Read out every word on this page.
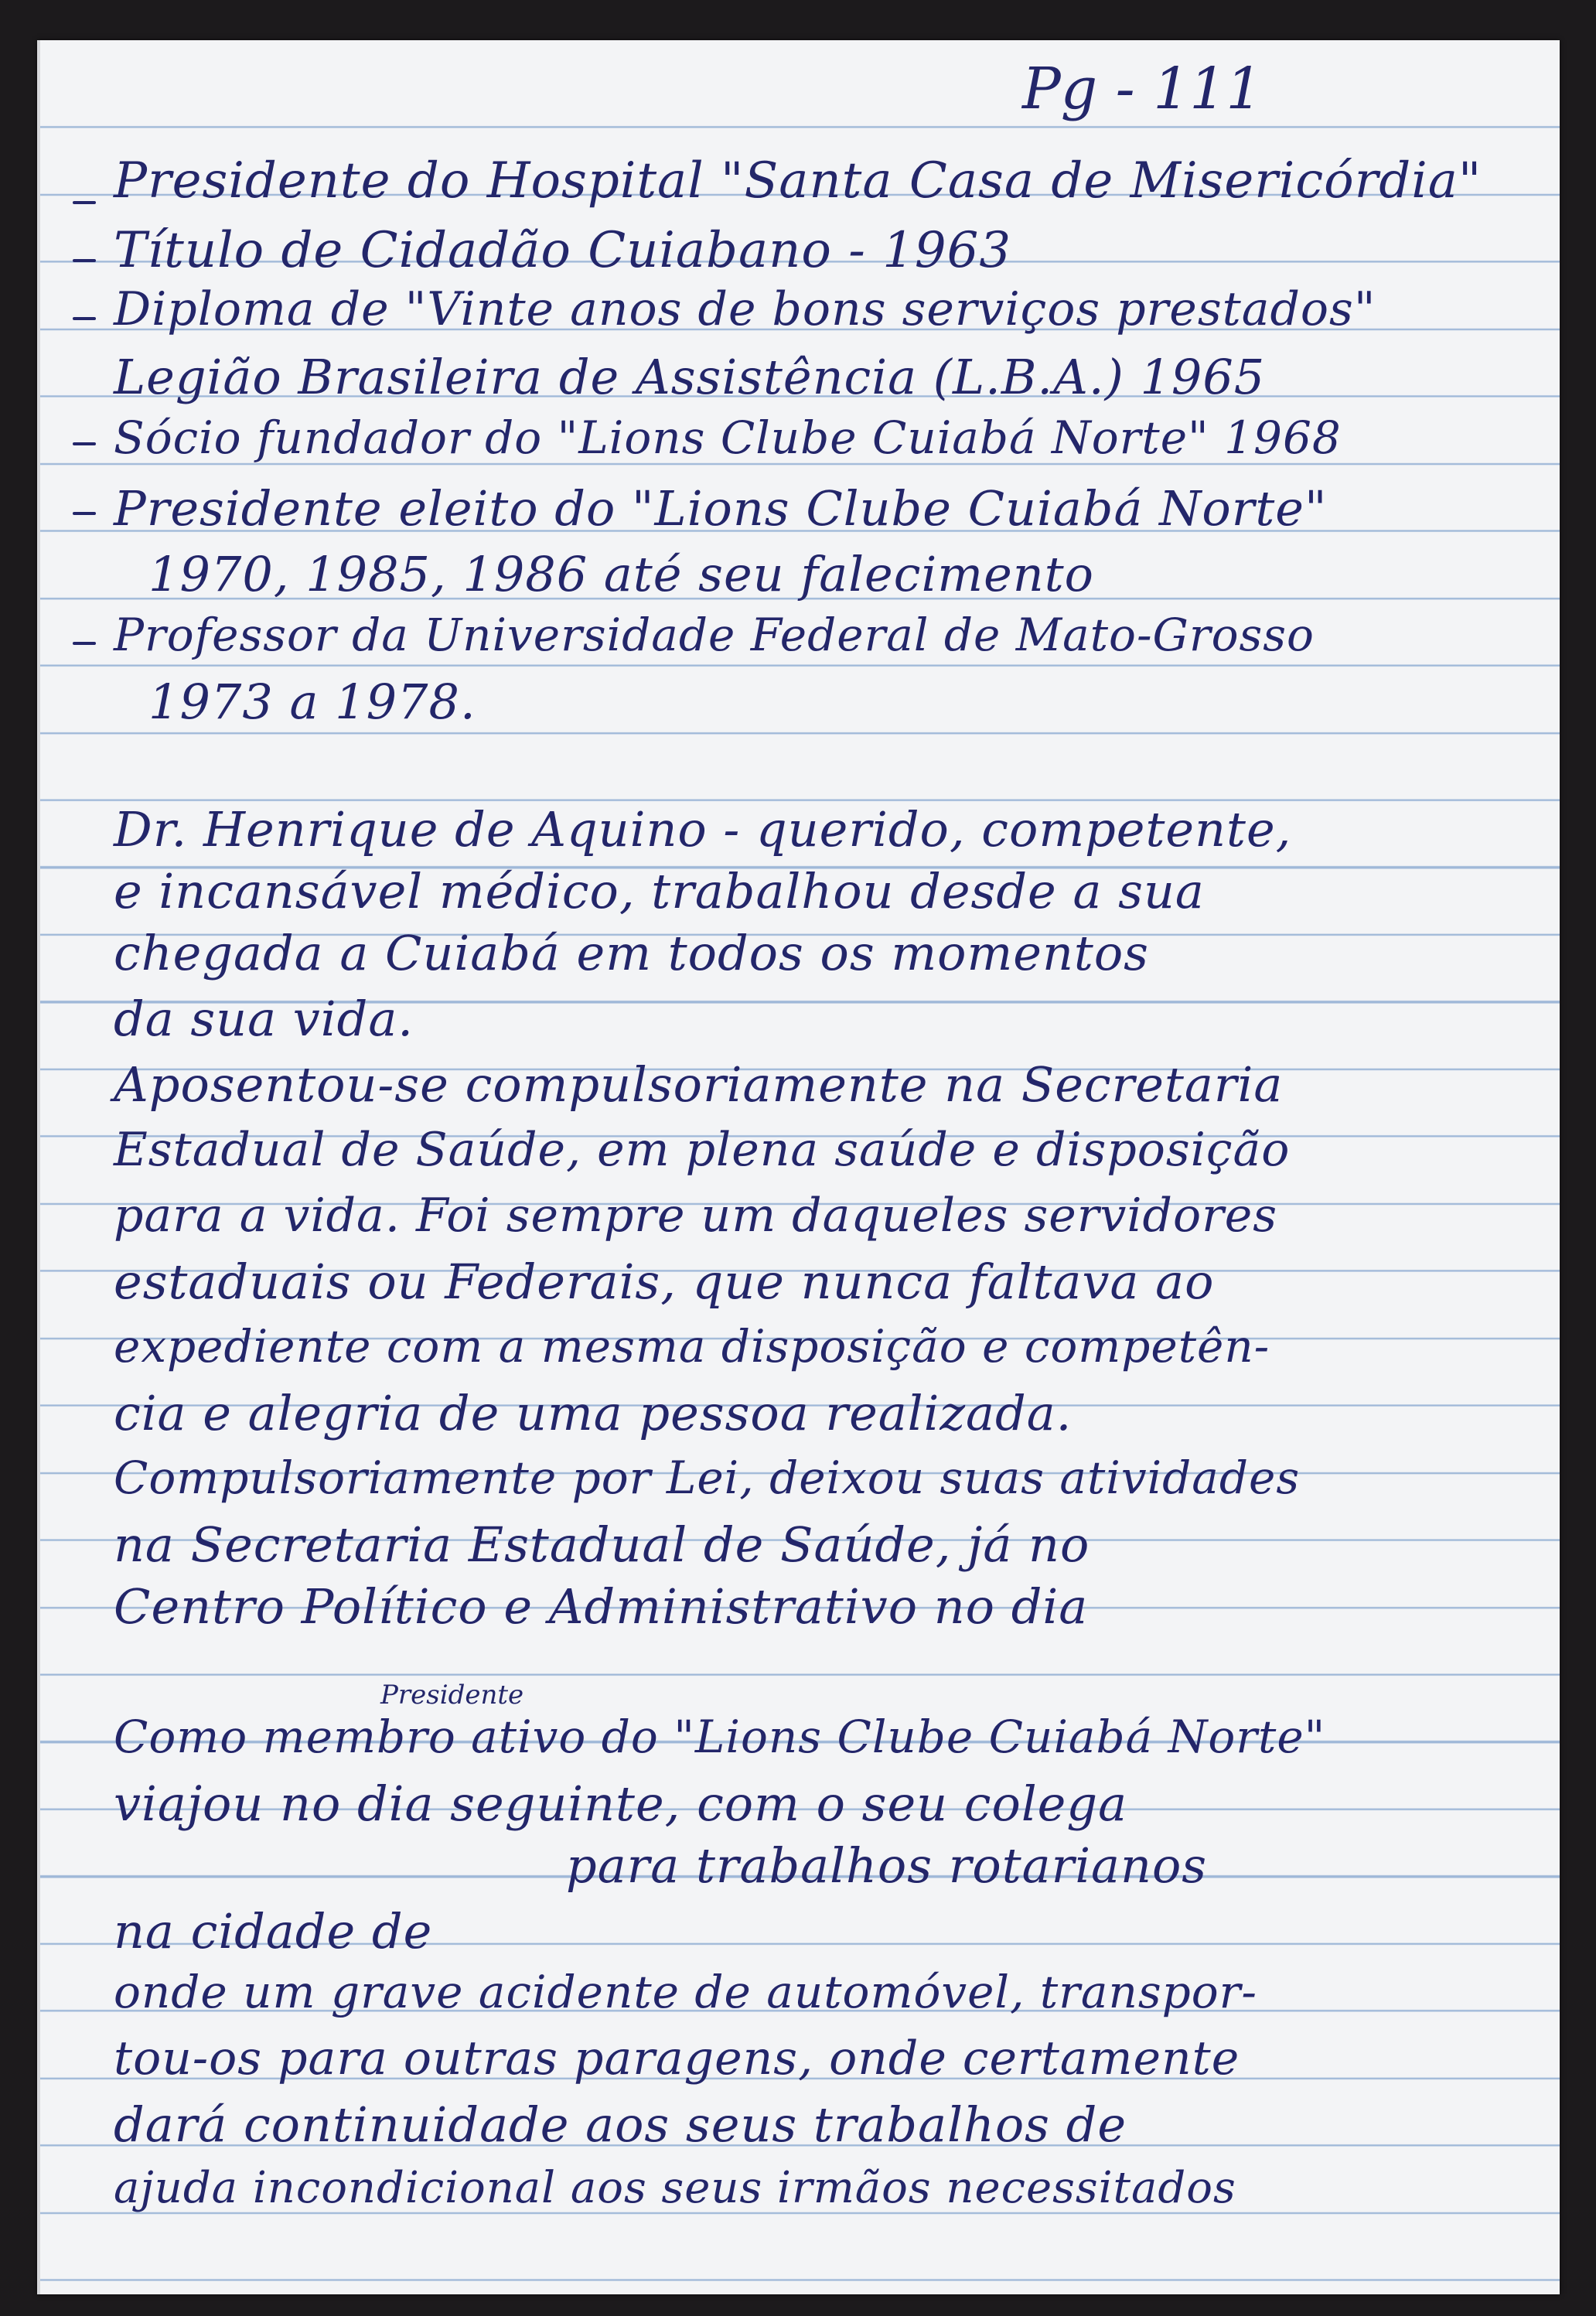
Pg - 111

Presidente do Hospital "Santa Casa de Misericórdia"
Título de Cidadão Cuiabano - 1963
Diploma de "Vinte anos de bons serviços prestados"
Legião Brasileira de Assistência (L.B.A.) 1965
Sócio fundador do "Lions Clube Cuiabá Norte" 1968
Presidente eleito do "Lions Clube Cuiabá Norte"
1970, 1985, 1986 até seu falecimento
Professor da Universidade Federal de Mato-Grosso
1973 a 1978.
Dr. Henrique de Aquino - querido, competente,
e incansável médico, trabalhou desde a sua
chegada a Cuiabá em todos os momentos
da sua vida.
Aposentou-se compulsoriamente na Secretaria
Estadual de Saúde, em plena saúde e disposição
para a vida. Foi sempre um daqueles servidores
estaduais ou Federais, que nunca faltava ao
expediente com a mesma disposição e competên-
cia e alegria de uma pessoa realizada.
Compulsoriamente por Lei, deixou suas atividades
na Secretaria Estadual de Saúde, já no
Centro Político e Administrativo no dia
Presidente
Como membro ativo do "Lions Clube Cuiabá Norte"
viajou no dia seguinte, com o seu colega
para trabalhos rotarianos
na cidade de
onde um grave acidente de automóvel, transpor-
tou-os para outras paragens, onde certamente
dará continuidade aos seus trabalhos de
ajuda incondicional aos seus irmãos necessitados
